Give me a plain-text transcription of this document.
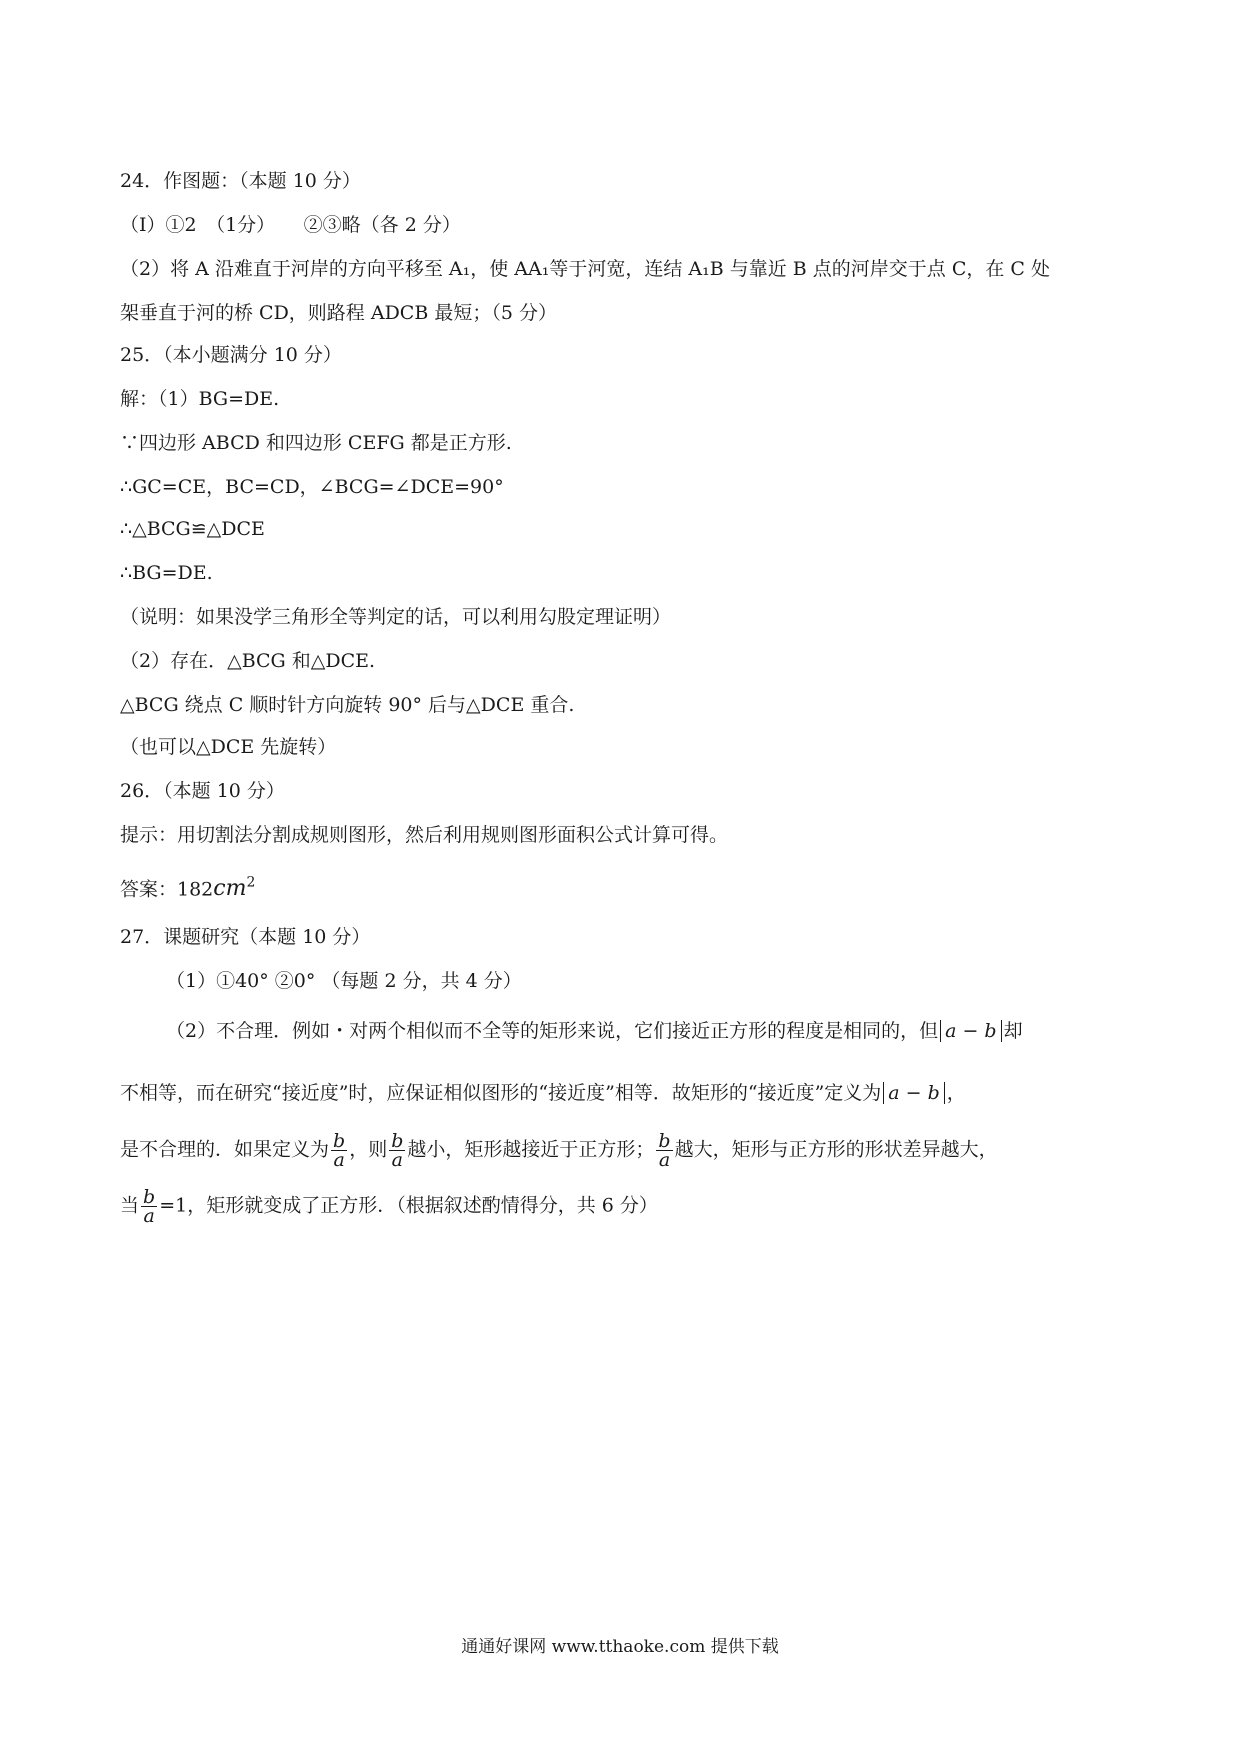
24．作图题：（本题 10 分）
（I）①2　（1分）　　②③略（各 2 分）
（2）将 A 沿难直于河岸的方向平移至 A₁，使 AA₁等于河宽，连结 A₁B 与靠近 B 点的河岸交于点 C，在 C 处
架垂直于河的桥 CD，则路程 ADCB 最短；（5 分）
25．（本小题满分 10 分）
解：（1）BG=DE.
∵四边形 ABCD 和四边形 CEFG 都是正方形.
∴GC=CE，BC=CD，∠BCG=∠DCE=90°
∴△BCG≌△DCE
∴BG=DE.
（说明：如果没学三角形全等判定的话，可以利用勾股定理证明）
（2）存在．△BCG 和△DCE.
△BCG 绕点 C 顺时针方向旋转 90° 后与△DCE 重合.
（也可以△DCE 先旋转）
26．（本题 10 分）
提示：用切割法分割成规则图形，然后利用规则图形面积公式计算可得。
答案：$182cm^2$
27．课题研究（本题 10 分）
（1）①40° ②0° （每题 2 分，共 4 分）
（2）不合理．例如・对两个相似而不全等的矩形来说，它们接近正方形的程度是相同的，但 a − b 却
不相等，而在研究“接近度”时，应保证相似图形的“接近度”相等．故矩形的“接近度”定义为 a − b ，
是不合理的．如果定义为 $\frac{b}{a}$ ，则 $\frac{b}{a}$ 越小，矩形越接近于正方形； $\frac{b}{a}$ 越大，矩形与正方形的形状差异越大，
当 $\frac{b}{a} =1$，矩形就变成了正方形．（根据叙述酌情得分，共 6 分）
通通好课网 www.tthaoke.com 提供下载
